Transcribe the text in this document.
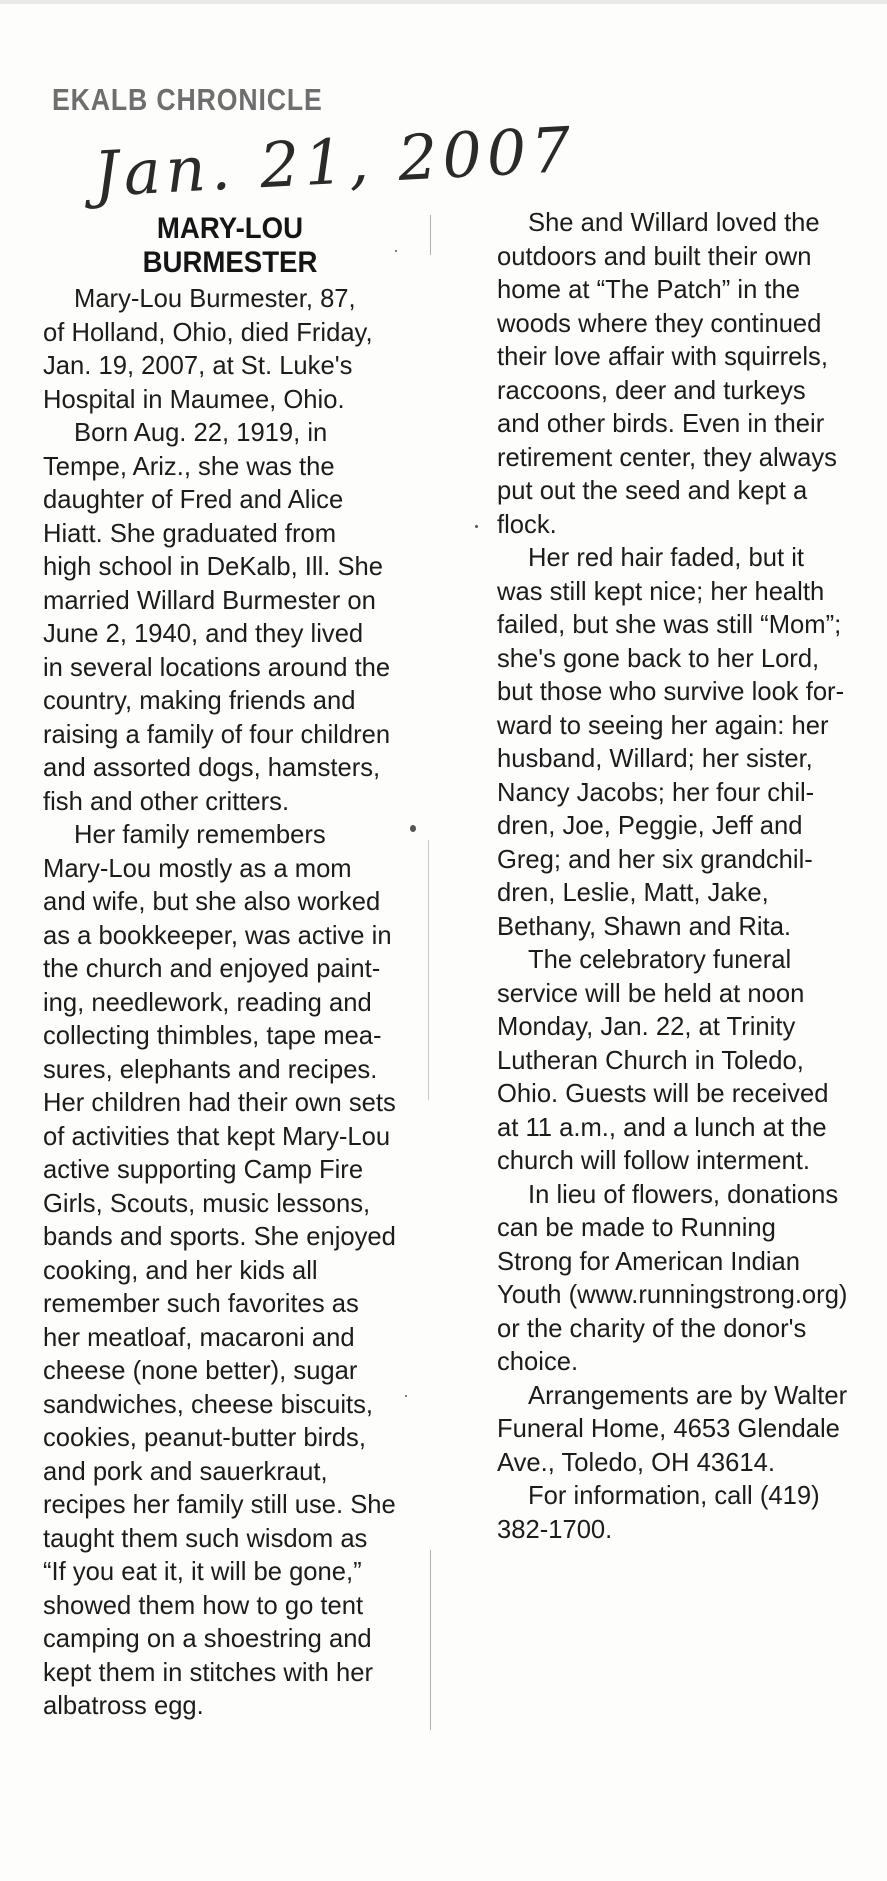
EKALB CHRONICLE
Jan. 21, 2007
MARY-LOU
BURMESTER
Mary-Lou Burmester, 87,
of Holland, Ohio, died Friday,
Jan. 19, 2007, at St. Luke's
Hospital in Maumee, Ohio.
Born Aug. 22, 1919, in
Tempe, Ariz., she was the
daughter of Fred and Alice
Hiatt. She graduated from
high school in DeKalb, Ill. She
married Willard Burmester on
June 2, 1940, and they lived
in several locations around the
country, making friends and
raising a family of four children
and assorted dogs, hamsters,
fish and other critters.
Her family remembers
Mary-Lou mostly as a mom
and wife, but she also worked
as a bookkeeper, was active in
the church and enjoyed paint-
ing, needlework, reading and
collecting thimbles, tape mea-
sures, elephants and recipes.
Her children had their own sets
of activities that kept Mary-Lou
active supporting Camp Fire
Girls, Scouts, music lessons,
bands and sports. She enjoyed
cooking, and her kids all
remember such favorites as
her meatloaf, macaroni and
cheese (none better), sugar
sandwiches, cheese biscuits,
cookies, peanut-butter birds,
and pork and sauerkraut,
recipes her family still use. She
taught them such wisdom as
“If you eat it, it will be gone,”
showed them how to go tent
camping on a shoestring and
kept them in stitches with her
albatross egg.
She and Willard loved the
outdoors and built their own
home at “The Patch” in the
woods where they continued
their love affair with squirrels,
raccoons, deer and turkeys
and other birds. Even in their
retirement center, they always
put out the seed and kept a
flock.
Her red hair faded, but it
was still kept nice; her health
failed, but she was still “Mom”;
she's gone back to her Lord,
but those who survive look for-
ward to seeing her again: her
husband, Willard; her sister,
Nancy Jacobs; her four chil-
dren, Joe, Peggie, Jeff and
Greg; and her six grandchil-
dren, Leslie, Matt, Jake,
Bethany, Shawn and Rita.
The celebratory funeral
service will be held at noon
Monday, Jan. 22, at Trinity
Lutheran Church in Toledo,
Ohio. Guests will be received
at 11 a.m., and a lunch at the
church will follow interment.
In lieu of flowers, donations
can be made to Running
Strong for American Indian
Youth (www.runningstrong.org)
or the charity of the donor's
choice.
Arrangements are by Walter
Funeral Home, 4653 Glendale
Ave., Toledo, OH 43614.
For information, call (419)
382-1700.
